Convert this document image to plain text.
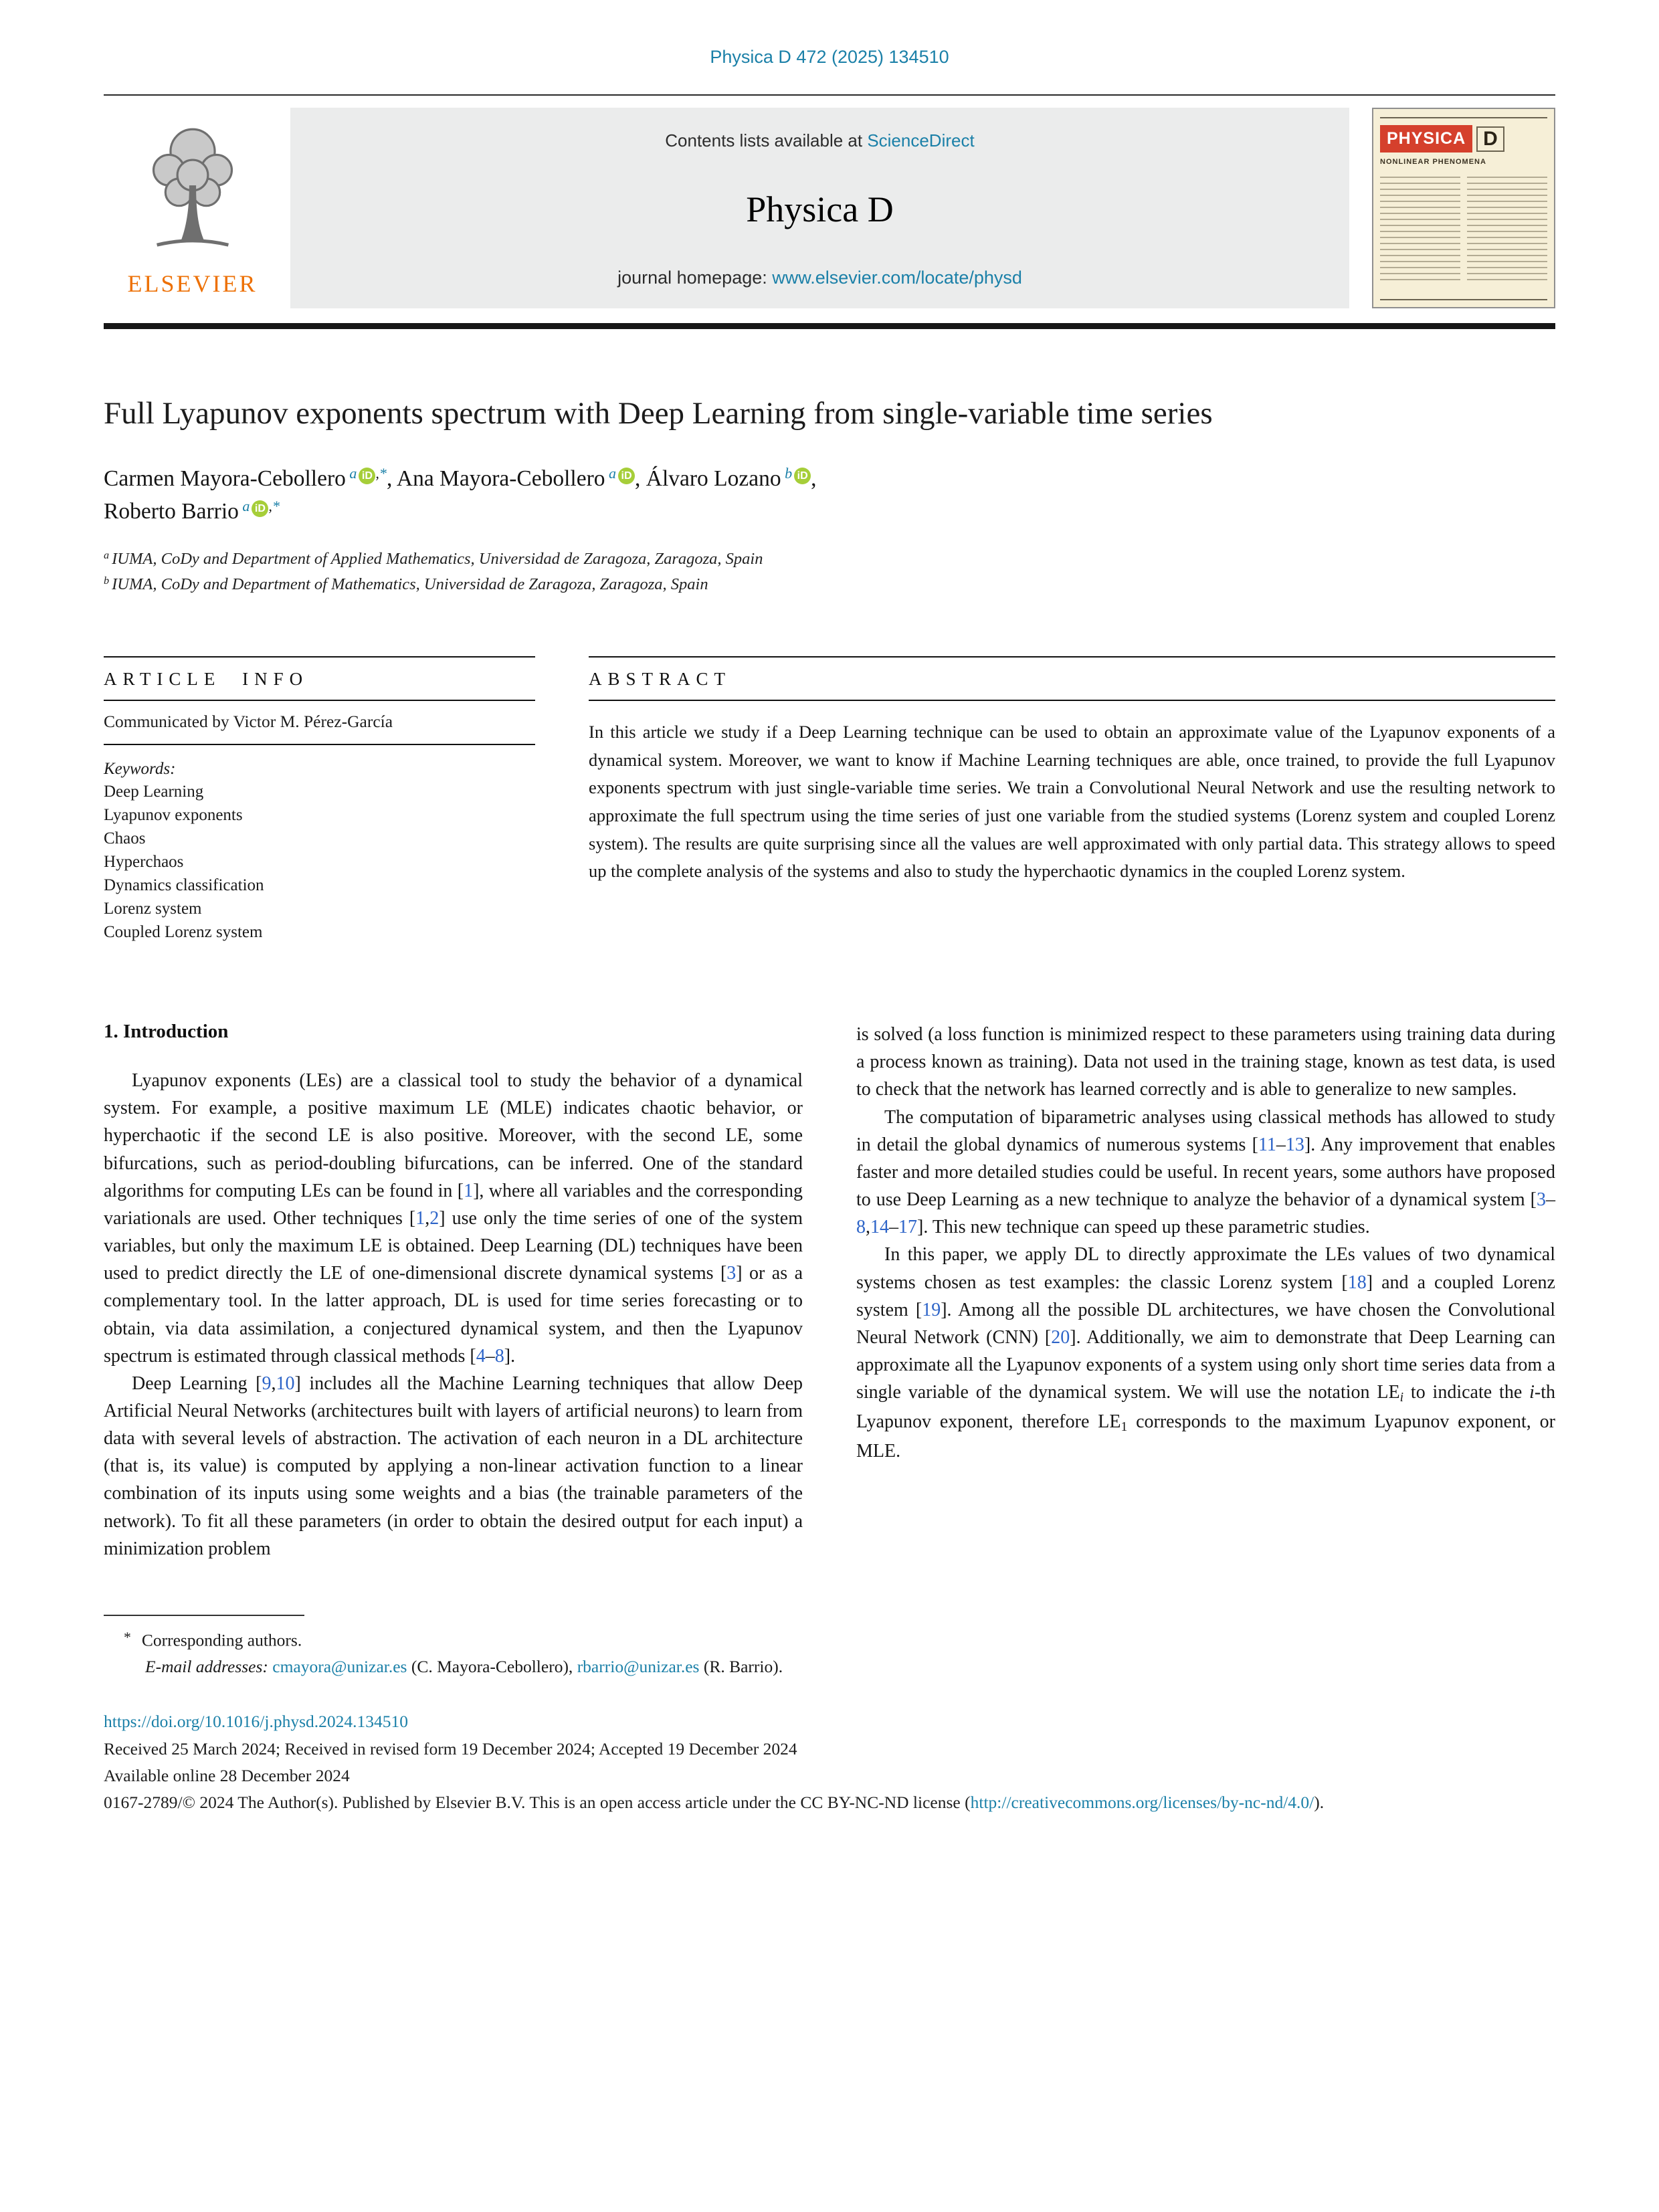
Physica D 472 (2025) 134510
ELSEVIER
Contents lists available at ScienceDirect
Physica D
journal homepage: www.elsevier.com/locate/physd
PHYSICA D
NONLINEAR PHENOMENA
Full Lyapunov exponents spectrum with Deep Learning from single-variable time series
Carmen Mayora-Cebollero $^a$ iD ,*, Ana Mayora-Cebollero $^a$ iD , Álvaro Lozano $^b$ iD ,
Roberto Barrio $^a$ iD ,*
$^a$ IUMA, CoDy and Department of Applied Mathematics, Universidad de Zaragoza, Zaragoza, Spain
$^b$ IUMA, CoDy and Department of Mathematics, Universidad de Zaragoza, Zaragoza, Spain
ARTICLE INFO
Communicated by Victor M. Pérez-García
Keywords:
Deep Learning
Lyapunov exponents
Chaos
Hyperchaos
Dynamics classification
Lorenz system
Coupled Lorenz system
ABSTRACT
In this article we study if a Deep Learning technique can be used to obtain an approximate value of the Lyapunov exponents of a dynamical system. Moreover, we want to know if Machine Learning techniques are able, once trained, to provide the full Lyapunov exponents spectrum with just single-variable time series. We train a Convolutional Neural Network and use the resulting network to approximate the full spectrum using the time series of just one variable from the studied systems (Lorenz system and coupled Lorenz system). The results are quite surprising since all the values are well approximated with only partial data. This strategy allows to speed up the complete analysis of the systems and also to study the hyperchaotic dynamics in the coupled Lorenz system.
1. Introduction
Lyapunov exponents (LEs) are a classical tool to study the behavior of a dynamical system. For example, a positive maximum LE (MLE) indicates chaotic behavior, or hyperchaotic if the second LE is also positive. Moreover, with the second LE, some bifurcations, such as period-doubling bifurcations, can be inferred. One of the standard algorithms for computing LEs can be found in [1], where all variables and the corresponding variationals are used. Other techniques [1,2] use only the time series of one of the system variables, but only the maximum LE is obtained. Deep Learning (DL) techniques have been used to predict directly the LE of one-dimensional discrete dynamical systems [3] or as a complementary tool. In the latter approach, DL is used for time series forecasting or to obtain, via data assimilation, a conjectured dynamical system, and then the Lyapunov spectrum is estimated through classical methods [4–8].
Deep Learning [9,10] includes all the Machine Learning techniques that allow Deep Artificial Neural Networks (architectures built with layers of artificial neurons) to learn from data with several levels of abstraction. The activation of each neuron in a DL architecture (that is, its value) is computed by applying a non-linear activation function to a linear combination of its inputs using some weights and a bias (the trainable parameters of the network). To fit all these parameters (in order to obtain the desired output for each input) a minimization problem
is solved (a loss function is minimized respect to these parameters using training data during a process known as training). Data not used in the training stage, known as test data, is used to check that the network has learned correctly and is able to generalize to new samples.
The computation of biparametric analyses using classical methods has allowed to study in detail the global dynamics of numerous systems [11–13]. Any improvement that enables faster and more detailed studies could be useful. In recent years, some authors have proposed to use Deep Learning as a new technique to analyze the behavior of a dynamical system [3–8,14–17]. This new technique can speed up these parametric studies.
In this paper, we apply DL to directly approximate the LEs values of two dynamical systems chosen as test examples: the classic Lorenz system [18] and a coupled Lorenz system [19]. Among all the possible DL architectures, we have chosen the Convolutional Neural Network (CNN) [20]. Additionally, we aim to demonstrate that Deep Learning can approximate all the Lyapunov exponents of a system using only short time series data from a single variable of the dynamical system. We will use the notation LEi to indicate the i-th Lyapunov exponent, therefore $LE_1$ corresponds to the maximum Lyapunov exponent, or MLE.
* Corresponding authors.
E-mail addresses: cmayora@unizar.es (C. Mayora-Cebollero), rbarrio@unizar.es (R. Barrio).
https://doi.org/10.1016/j.physd.2024.134510
Received 25 March 2024; Received in revised form 19 December 2024; Accepted 19 December 2024
Available online 28 December 2024
0167-2789/© 2024 The Author(s). Published by Elsevier B.V. This is an open access article under the CC BY-NC-ND license (http://creativecommons.org/licenses/by-nc-nd/4.0/).
